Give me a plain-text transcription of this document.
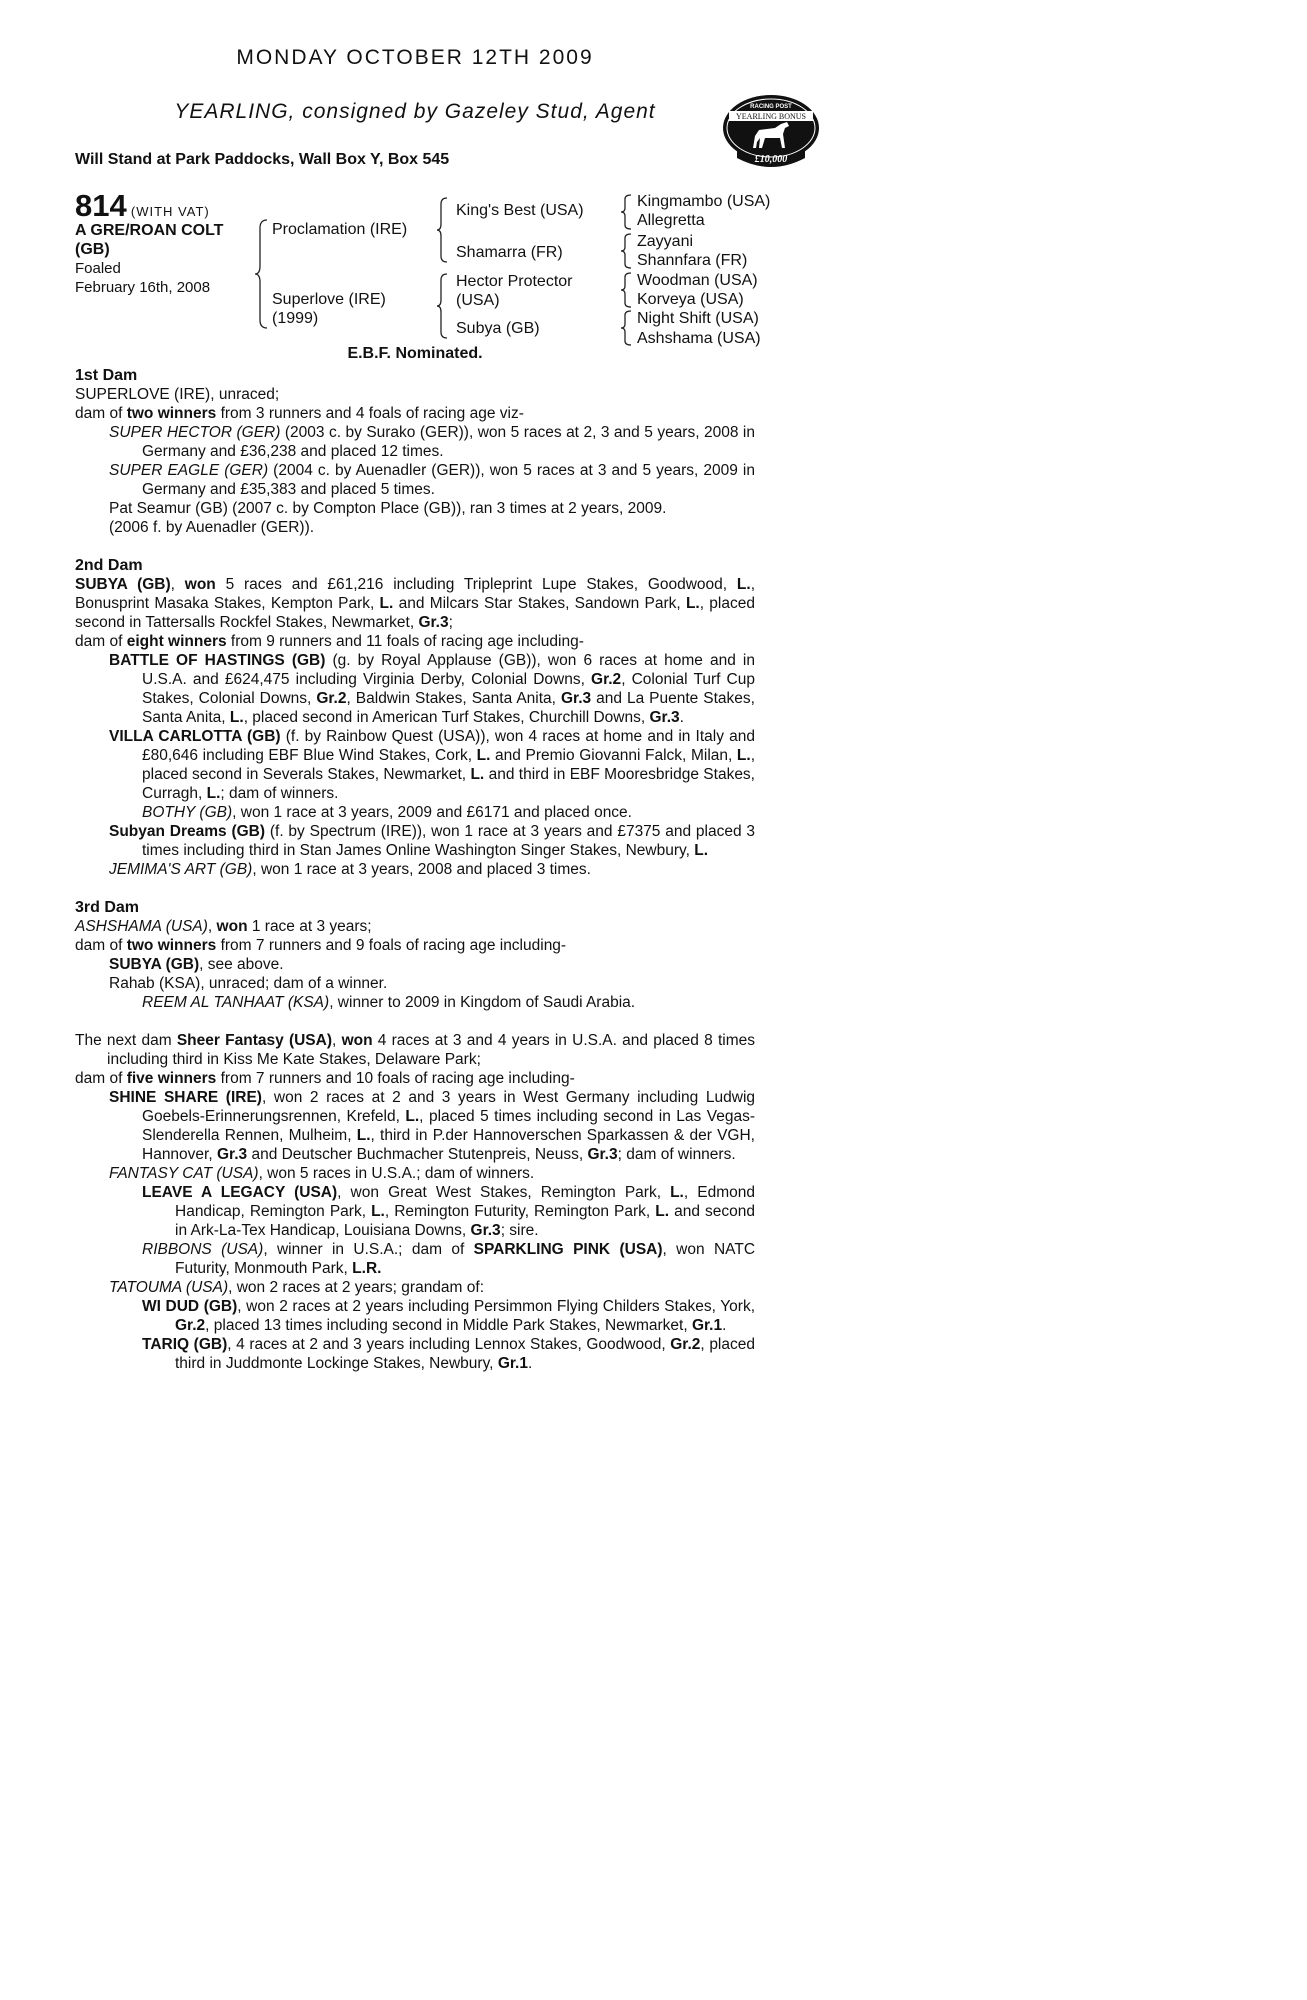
MONDAY OCTOBER 12TH 2009
YEARLING, consigned by Gazeley Stud, Agent
Will Stand at Park Paddocks, Wall Box Y, Box 545
RACING POST
YEARLING BONUS
£10,000
814 (WITH VAT)
A GRE/ROAN COLT
(GB)
Foaled
February 16th, 2008
Proclamation (IRE)
Superlove (IRE)
(1999)
King's Best (USA)
Shamarra (FR)
Hector Protector
(USA)
Subya (GB)
Kingmambo (USA)
Allegretta
Zayyani
Shannfara (FR)
Woodman (USA)
Korveya (USA)
Night Shift (USA)
Ashshama (USA)
E.B.F. Nominated.

1st Dam

SUPERLOVE (IRE), unraced;

dam of two winners from 3 runners and 4 foals of racing age viz-

SUPER HECTOR (GER) (2003 c. by Surako (GER)), won 5 races at 2, 3 and 5 years, 2008 in Germany and £36,238 and placed 12 times.

SUPER EAGLE (GER) (2004 c. by Auenadler (GER)), won 5 races at 3 and 5 years, 2009 in Germany and £35,383 and placed 5 times.

Pat Seamur (GB) (2007 c. by Compton Place (GB)), ran 3 times at 2 years, 2009.

(2006 f. by Auenadler (GER)).

2nd Dam

SUBYA (GB), won 5 races and £61,216 including Tripleprint Lupe Stakes, Goodwood, L., Bonusprint Masaka Stakes, Kempton Park, L. and Milcars Star Stakes, Sandown Park, L., placed second in Tattersalls Rockfel Stakes, Newmarket, Gr.3;

dam of eight winners from 9 runners and 11 foals of racing age including-

BATTLE OF HASTINGS (GB) (g. by Royal Applause (GB)), won 6 races at home and in U.S.A. and £624,475 including Virginia Derby, Colonial Downs, Gr.2, Colonial Turf Cup Stakes, Colonial Downs, Gr.2, Baldwin Stakes, Santa Anita, Gr.3 and La Puente Stakes, Santa Anita, L., placed second in American Turf Stakes, Churchill Downs, Gr.3.

VILLA CARLOTTA (GB) (f. by Rainbow Quest (USA)), won 4 races at home and in Italy and £80,646 including EBF Blue Wind Stakes, Cork, L. and Premio Giovanni Falck, Milan, L., placed second in Severals Stakes, Newmarket, L. and third in EBF Mooresbridge Stakes, Curragh, L.; dam of winners.

BOTHY (GB), won 1 race at 3 years, 2009 and £6171 and placed once.

Subyan Dreams (GB) (f. by Spectrum (IRE)), won 1 race at 3 years and £7375 and placed 3 times including third in Stan James Online Washington Singer Stakes, Newbury, L.

JEMIMA'S ART (GB), won 1 race at 3 years, 2008 and placed 3 times.

3rd Dam

ASHSHAMA (USA), won 1 race at 3 years;

dam of two winners from 7 runners and 9 foals of racing age including-

SUBYA (GB), see above.

Rahab (KSA), unraced; dam of a winner.

REEM AL TANHAAT (KSA), winner to 2009 in Kingdom of Saudi Arabia.

The next dam Sheer Fantasy (USA), won 4 races at 3 and 4 years in U.S.A. and placed 8 times including third in Kiss Me Kate Stakes, Delaware Park;

dam of five winners from 7 runners and 10 foals of racing age including-

SHINE SHARE (IRE), won 2 races at 2 and 3 years in West Germany including Ludwig Goebels-Erinnerungsrennen, Krefeld, L., placed 5 times including second in Las Vegas-Slenderella Rennen, Mulheim, L., third in P.der Hannoverschen Sparkassen & der VGH, Hannover, Gr.3 and Deutscher Buchmacher Stutenpreis, Neuss, Gr.3; dam of winners.

FANTASY CAT (USA), won 5 races in U.S.A.; dam of winners.

LEAVE A LEGACY (USA), won Great West Stakes, Remington Park, L., Edmond Handicap, Remington Park, L., Remington Futurity, Remington Park, L. and second in Ark-La-Tex Handicap, Louisiana Downs, Gr.3; sire.

RIBBONS (USA), winner in U.S.A.; dam of SPARKLING PINK (USA), won NATC Futurity, Monmouth Park, L.R.

TATOUMA (USA), won 2 races at 2 years; grandam of:

WI DUD (GB), won 2 races at 2 years including Persimmon Flying Childers Stakes, York, Gr.2, placed 13 times including second in Middle Park Stakes, Newmarket, Gr.1.

TARIQ (GB), 4 races at 2 and 3 years including Lennox Stakes, Goodwood, Gr.2, placed third in Juddmonte Lockinge Stakes, Newbury, Gr.1.
